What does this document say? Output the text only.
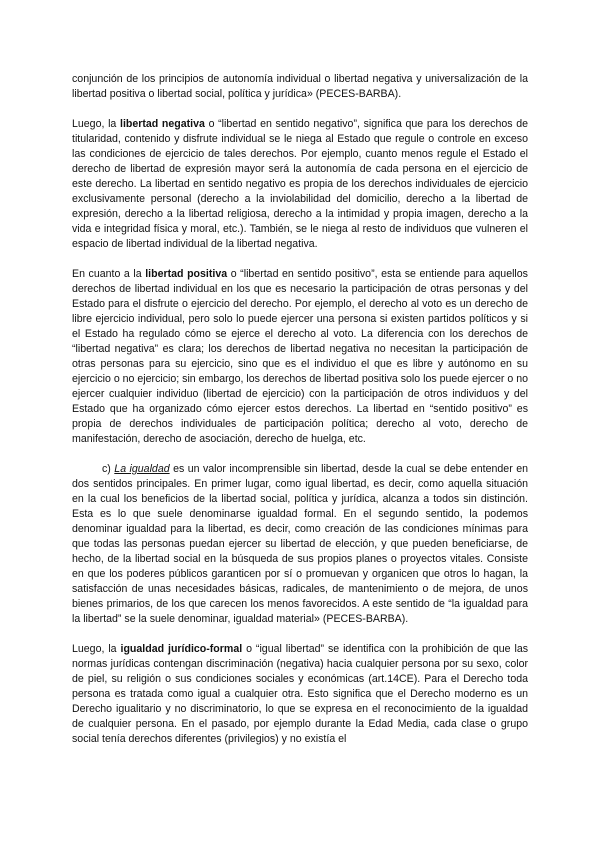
conjunción de los principios de autonomía individual o libertad negativa y universalización de la libertad positiva o libertad social, política y jurídica» (PECES-BARBA).

Luego, la libertad negativa o “libertad en sentido negativo”, significa que para los derechos de titularidad, contenido y disfrute individual se le niega al Estado que regule o controle en exceso las condiciones de ejercicio de tales derechos. Por ejemplo, cuanto menos regule el Estado el derecho de libertad de expresión mayor será la autonomía de cada persona en el ejercicio de este derecho. La libertad en sentido negativo es propia de los derechos individuales de ejercicio exclusivamente personal (derecho a la inviolabilidad del domicilio, derecho a la libertad de expresión, derecho a la libertad religiosa, derecho a la intimidad y propia imagen, derecho a la vida e integridad física y moral, etc.). También, se le niega al resto de individuos que vulneren el espacio de libertad individual de la libertad negativa.

En cuanto a la libertad positiva o “libertad en sentido positivo”, esta se entiende para aquellos derechos de libertad individual en los que es necesario la participación de otras personas y del Estado para el disfrute o ejercicio del derecho. Por ejemplo, el derecho al voto es un derecho de libre ejercicio individual, pero solo lo puede ejercer una persona si existen partidos políticos y si el Estado ha regulado cómo se ejerce el derecho al voto. La diferencia con los derechos de “libertad negativa” es clara; los derechos de libertad negativa no necesitan la participación de otras personas para su ejercicio, sino que es el individuo el que es libre y autónomo en su ejercicio o no ejercicio; sin embargo, los derechos de libertad positiva solo los puede ejercer o no ejercer cualquier individuo (libertad de ejercicio) con la participación de otros individuos y del Estado que ha organizado cómo ejercer estos derechos. La libertad en “sentido positivo” es propia de derechos individuales de participación política; derecho al voto, derecho de manifestación, derecho de asociación, derecho de huelga, etc.

c) La igualdad es un valor incomprensible sin libertad, desde la cual se debe entender en dos sentidos principales. En primer lugar, como igual libertad, es decir, como aquella situación en la cual los beneficios de la libertad social, política y jurídica, alcanza a todos sin distinción. Esta es lo que suele denominarse igualdad formal. En el segundo sentido, la podemos denominar igualdad para la libertad, es decir, como creación de las condiciones mínimas para que todas las personas puedan ejercer su libertad de elección, y que pueden beneficiarse, de hecho, de la libertad social en la búsqueda de sus propios planes o proyectos vitales. Consiste en que los poderes públicos garanticen por sí o promuevan y organicen que otros lo hagan, la satisfacción de unas necesidades básicas, radicales, de mantenimiento o de mejora, de unos bienes primarios, de los que carecen los menos favorecidos. A este sentido de “la igualdad para la libertad” se la suele denominar, igualdad material» (PECES-BARBA).

Luego, la igualdad jurídico-formal o “igual libertad” se identifica con la prohibición de que las normas jurídicas contengan discriminación (negativa) hacia cualquier persona por su sexo, color de piel, su religión o sus condiciones sociales y económicas (art.14CE). Para el Derecho toda persona es tratada como igual a cualquier otra. Esto significa que el Derecho moderno es un Derecho igualitario y no discriminatorio, lo que se expresa en el reconocimiento de la igualdad de cualquier persona. En el pasado, por ejemplo durante la Edad Media, cada clase o grupo social tenía derechos diferentes (privilegios) y no existía el
